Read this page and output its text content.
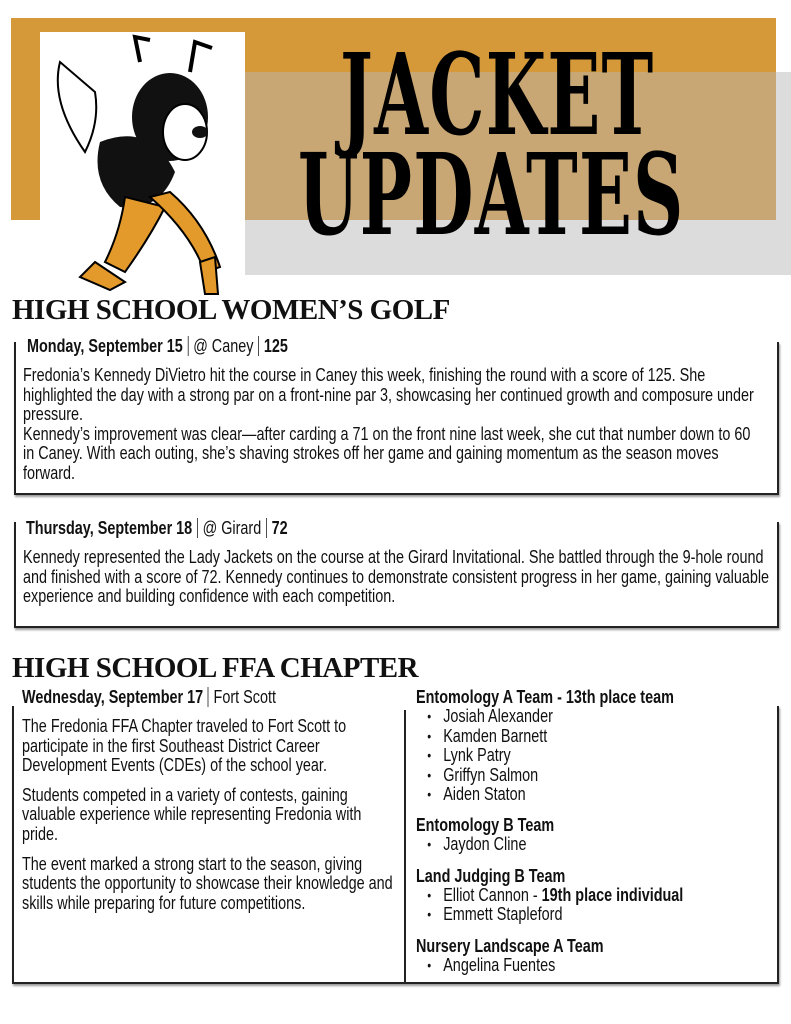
JACKET
UPDATES
HIGH SCHOOL WOMEN’S GOLF
Monday, September 15 @ Caney 125

Fredonia’s Kennedy DiVietro hit the course in Caney this week, finishing the round with a score of 125. She highlighted the day with a strong par on a front-nine par 3, showcasing her continued growth and composure under pressure.

Kennedy’s improvement was clear—after carding a 71 on the front nine last week, she cut that number down to 60 in Caney. With each outing, she’s shaving strokes off her game and gaining momentum as the season moves forward.

Thursday, September 18 @ Girard 72

Kennedy represented the Lady Jackets on the course at the Girard Invitational. She battled through the 9-hole round and finished with a score of 72. Kennedy continues to demonstrate consistent progress in her game, gaining valuable experience and building confidence with each competition.

HIGH SCHOOL FFA CHAPTER
Wednesday, September 17 Fort Scott

The Fredonia FFA Chapter traveled to Fort Scott to participate in the first Southeast District Career Development Events (CDEs) of the school year.

Students competed in a variety of contests, gaining valuable experience while representing Fredonia with pride.

The event marked a strong start to the season, giving students the opportunity to showcase their knowledge and skills while preparing for future competitions.

Entomology A Team - 13th place team
• Josiah Alexander
• Kamden Barnett
• Lynk Patry
• Griffyn Salmon
• Aiden Staton
Entomology B Team
• Jaydon Cline
Land Judging B Team
• Elliot Cannon - 19th place individual
• Emmett Stapleford
Nursery Landscape A Team
• Angelina Fuentes
